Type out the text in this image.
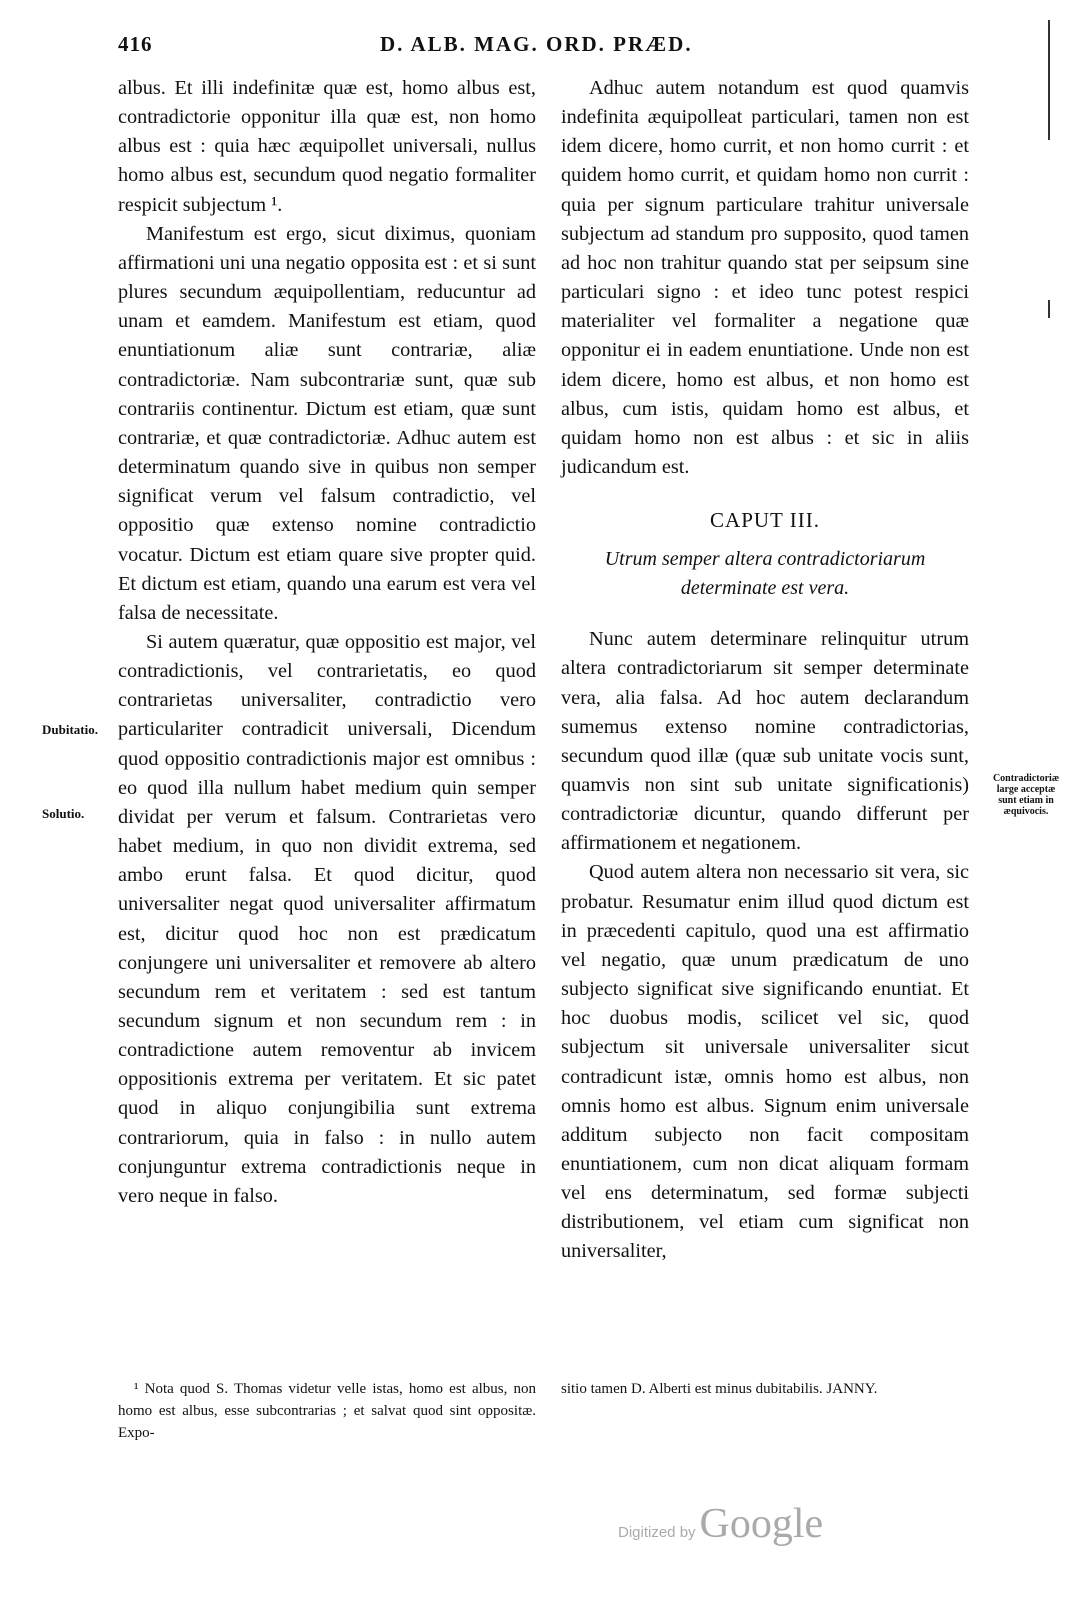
416	D. ALB. MAG. ORD. PRÆD.

albus. Et illi indefinitæ quæ est, homo albus est, contradictorie opponitur illa quæ est, non homo albus est : quia hæc æquipollet universali, nullus homo albus est, secundum quod negatio formaliter respicit subjectum ¹.

Manifestum est ergo, sicut diximus, quoniam affirmationi uni una negatio opposita est : et si sunt plures secundum æquipollentiam, reducuntur ad unam et eamdem. Manifestum est etiam, quod enuntiationum aliæ sunt contrariæ, aliæ contradictoriæ. Nam subcontrariæ sunt, quæ sub contrariis continentur. Dictum est etiam, quæ sunt contrariæ, et quæ contradictoriæ. Adhuc autem est determinatum quando sive in quibus non semper significat verum vel falsum contradictio, vel oppositio quæ extenso nomine contradictio vocatur. Dictum est etiam quare sive propter quid. Et dictum est etiam, quando una earum est vera vel falsa de necessitate.

Si autem quæratur, quæ oppositio est major, vel contradictionis, vel contrarietatis, eo quod contrarietas universaliter, contradictio vero particulariter contradicit universali, Dicendum quod oppositio contradictionis major est omnibus : eo quod illa nullum habet medium quin semper dividat per verum et falsum. Contrarietas vero habet medium, in quo non dividit extrema, sed ambo erunt falsa. Et quod dicitur, quod universaliter negat quod universaliter affirmatum est, dicitur quod hoc non est prædicatum conjungere uni universaliter et removere ab altero secundum rem et veritatem : sed est tantum secundum signum et non secundum rem : in contradictione autem removentur ab invicem oppositionis extrema per veritatem. Et sic patet quod in aliquo conjungibilia sunt extrema contrariorum, quia in falso : in nullo autem conjunguntur extrema contradictionis neque in vero neque in falso.

Dubitatio.
Solutio.

Adhuc autem notandum est quod quamvis indefinita æquipolleat particulari, tamen non est idem dicere, homo currit, et non homo currit : et quidem homo currit, et quidam homo non currit : quia per signum particulare trahitur universale subjectum ad standum pro supposito, quod tamen ad hoc non trahitur quando stat per seipsum sine particulari signo : et ideo tunc potest respici materialiter vel formaliter a negatione quæ opponitur ei in eadem enuntiatione. Unde non est idem dicere, homo est albus, et non homo est albus, cum istis, quidam homo est albus, et quidam homo non est albus : et sic in aliis judicandum est.

CAPUT III.
Utrum semper altera contradictoriarum determinate est vera.

Nunc autem determinare relinquitur utrum altera contradictoriarum sit semper determinate vera, alia falsa. Ad hoc autem declarandum sumemus extenso nomine contradictorias, secundum quod illæ (quæ sub unitate vocis sunt, quamvis non sint sub unitate significationis) contradictoriæ dicuntur, quando differunt per affirmationem et negationem.

Quod autem altera non necessario sit vera, sic probatur. Resumatur enim illud quod dictum est in præcedenti capitulo, quod una est affirmatio vel negatio, quæ unum prædicatum de uno subjecto significat sive significando enuntiat. Et hoc duobus modis, scilicet vel sic, quod subjectum sit universale universaliter sicut contradicunt istæ, omnis homo est albus, non omnis homo est albus. Signum enim universale additum subjecto non facit compositam enuntiationem, cum non dicat aliquam formam vel ens determinatum, sed formæ subjecti distributionem, vel etiam cum significat non universaliter,

Contradictoriæ large acceptæ sunt etiam in æquivocis.
¹ Nota quod S. Thomas videtur velle istas, homo est albus, non homo est albus, esse subcontrarias ; et salvat quod sint oppositæ. Expo-
sitio tamen D. Alberti est minus dubitabilis. JANNY.
Digitized by Google
